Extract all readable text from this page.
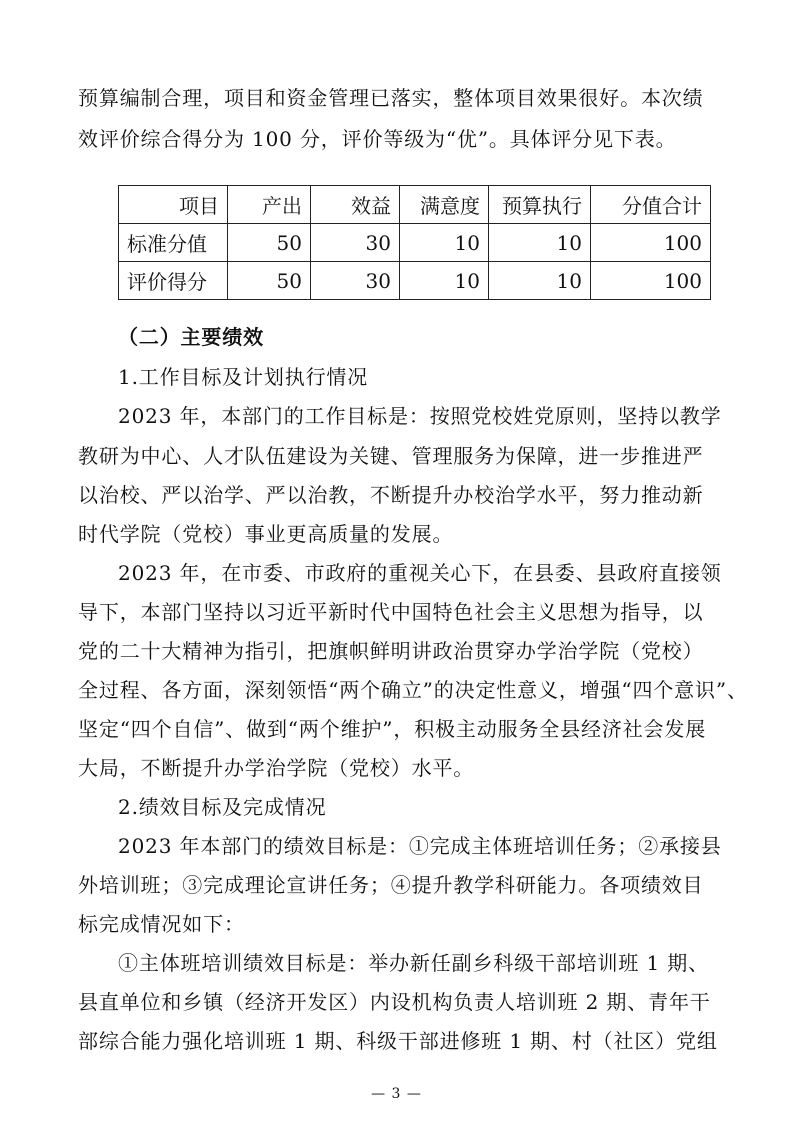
预算编制合理，项目和资金管理已落实，整体项目效果很好。本次绩
效评价综合得分为 100 分，评价等级为“优”。具体评分见下表。
项目	产出	效益	满意度	预算执行	分值合计
标准分值	50	30	10	10	100
评价得分	50	30	10	10	100
（二）主要绩效
1.工作目标及计划执行情况
2023 年，本部门的工作目标是：按照党校姓党原则，坚持以教学
教研为中心、人才队伍建设为关键、管理服务为保障，进一步推进严
以治校、严以治学、严以治教，不断提升办校治学水平，努力推动新
时代学院（党校）事业更高质量的发展。
2023 年，在市委、市政府的重视关心下，在县委、县政府直接领
导下，本部门坚持以习近平新时代中国特色社会主义思想为指导，以
党的二十大精神为指引，把旗帜鲜明讲政治贯穿办学治学院（党校）
全过程、各方面，深刻领悟“两个确立”的决定性意义，增强“四个意识”、
坚定“四个自信”、做到“两个维护”，积极主动服务全县经济社会发展
大局，不断提升办学治学院（党校）水平。
2.绩效目标及完成情况
2023 年本部门的绩效目标是：①完成主体班培训任务；②承接县
外培训班；③完成理论宣讲任务；④提升教学科研能力。各项绩效目
标完成情况如下：
①主体班培训绩效目标是：举办新任副乡科级干部培训班 1 期、
县直单位和乡镇（经济开发区）内设机构负责人培训班 2 期、青年干
部综合能力强化培训班 1 期、科级干部进修班 1 期、村（社区）党组
— 3 —
